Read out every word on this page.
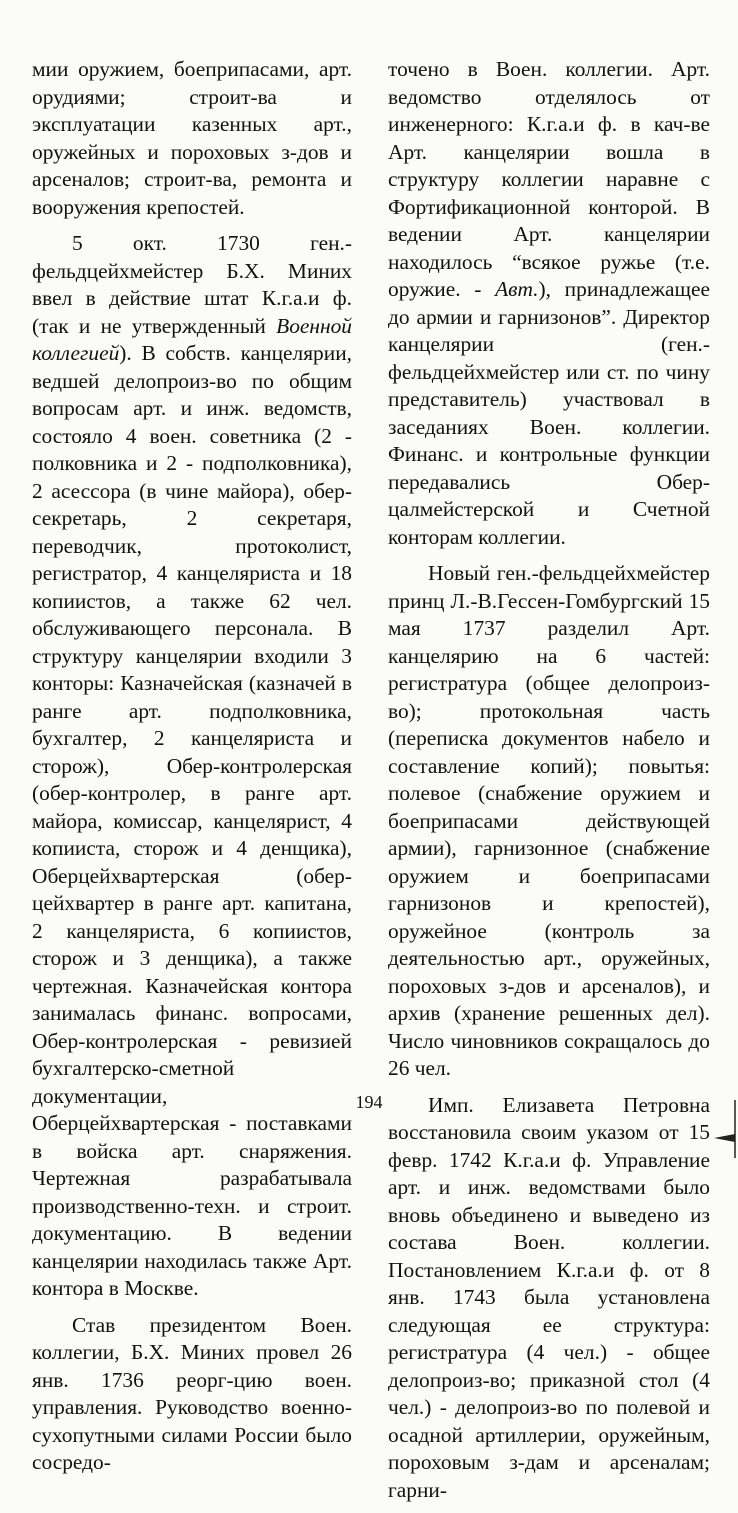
мии оружием, боеприпасами, арт. орудиями; строит-ва и эксплуатации казенных арт., оружейных и пороховых з-дов и арсеналов; строит-ва, ремонта и вооружения крепостей.

5 окт. 1730 ген.-фельдцейхмейстер Б.Х. Миних ввел в действие штат К.г.а.и ф. (так и не утвержденный Военной коллегией). В собств. канцелярии, ведшей делопроиз-во по общим вопросам арт. и инж. ведомств, состояло 4 воен. советника (2 - полковника и 2 - подполковника), 2 асессора (в чине майора), обер-секретарь, 2 секретаря, переводчик, протоколист, регистратор, 4 канцеляриста и 18 копиистов, а также 62 чел. обслуживающего персонала. В структуру канцелярии входили 3 конторы: Казначейская (казначей в ранге арт. подполковника, бухгалтер, 2 канцеляриста и сторож), Обер-контролерская (обер-контролер, в ранге арт. майора, комиссар, канцелярист, 4 копииста, сторож и 4 денщика), Оберцейхвартерская (обер-цейхвартер в ранге арт. капитана, 2 канцеляриста, 6 копиистов, сторож и 3 денщика), а также чертежная. Казначейская контора занималась финанс. вопросами, Обер-контролерская - ревизией бухгалтерско-сметной документации, Оберцейхвартерская - поставками в войска арт. снаряжения. Чертежная разрабатывала производственно-техн. и строит. документацию. В ведении канцелярии находилась также Арт. контора в Москве.

Став президентом Воен. коллегии, Б.Х. Миних провел 26 янв. 1736 реорг-цию воен. управления. Руководство военно-сухопутными силами России было сосредо-

точено в Воен. коллегии. Арт. ведомство отделялось от инженерного: К.г.а.и ф. в кач-ве Арт. канцелярии вошла в структуру коллегии наравне с Фортификационной конторой. В ведении Арт. канцелярии находилось “всякое ружье (т.е. оружие. - Авт.), принадлежащее до армии и гарнизонов”. Директор канцелярии (ген.-фельдцейхмейстер или ст. по чину представитель) участвовал в заседаниях Воен. коллегии. Финанс. и контрольные функции передавались Обер-цалмейстерской и Счетной конторам коллегии.

Новый ген.-фельдцейхмейстер принц Л.-В.Гессен-Гомбургский 15 мая 1737 разделил Арт. канцелярию на 6 частей: регистратура (общее делопроиз-во); протокольная часть (переписка документов набело и составление копий); повытья: полевое (снабжение оружием и боеприпасами действующей армии), гарнизонное (снабжение оружием и боеприпасами гарнизонов и крепостей), оружейное (контроль за деятельностью арт., оружейных, пороховых з-дов и арсеналов), и архив (хранение решенных дел). Число чиновников сокращалось до 26 чел.

Имп. Елизавета Петровна восстановила своим указом от 15 февр. 1742 К.г.а.и ф. Управление арт. и инж. ведомствами было вновь объединено и выведено из состава Воен. коллегии. Постановлением К.г.а.и ф. от 8 янв. 1743 была установлена следующая ее структура: регистратура (4 чел.) - общее делопроиз-во; приказной стол (4 чел.) - делопроиз-во по полевой и осадной артиллерии, оружейным, пороховым з-дам и арсеналам; гарни-

194
